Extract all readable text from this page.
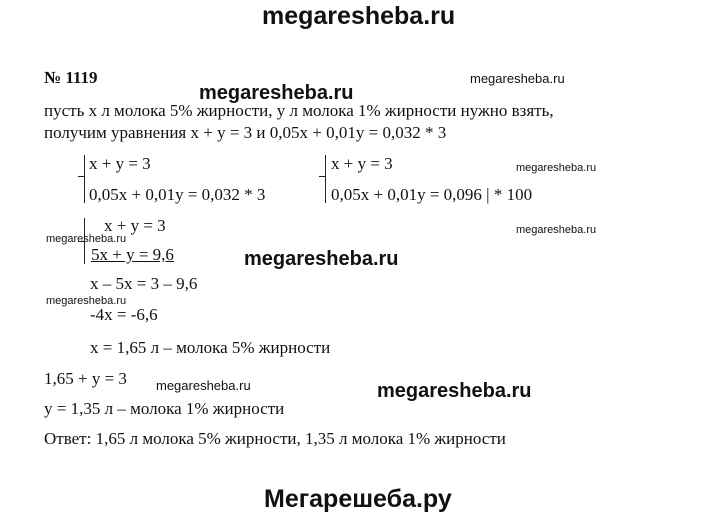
megaresheba.ru
№ 1119
megaresheba.ru
megaresheba.ru
megaresheba.ru
megaresheba.ru
megaresheba.ru
megaresheba.ru
megaresheba.ru
megaresheba.ru	megaresheba.ru
пусть х л молока 5% жирности, у л молока 1% жирности нужно взять,
получим уравнения х + у = 3 и 0,05х + 0,01у = 0,032 * 3
х + у = 3
0,05х + 0,01у = 0,032 * 3
х + у = 3
0,05х + 0,01у = 0,096 | * 100
х + у = 3
5х + у = 9,6
х – 5х = 3 – 9,6
-4х = -6,6
х = 1,65 л – молока 5% жирности
1,65 + у = 3
у = 1,35 л – молока 1% жирности
Ответ: 1,65 л молока 5% жирности, 1,35 л молока 1% жирности
Мегарешеба.ру
